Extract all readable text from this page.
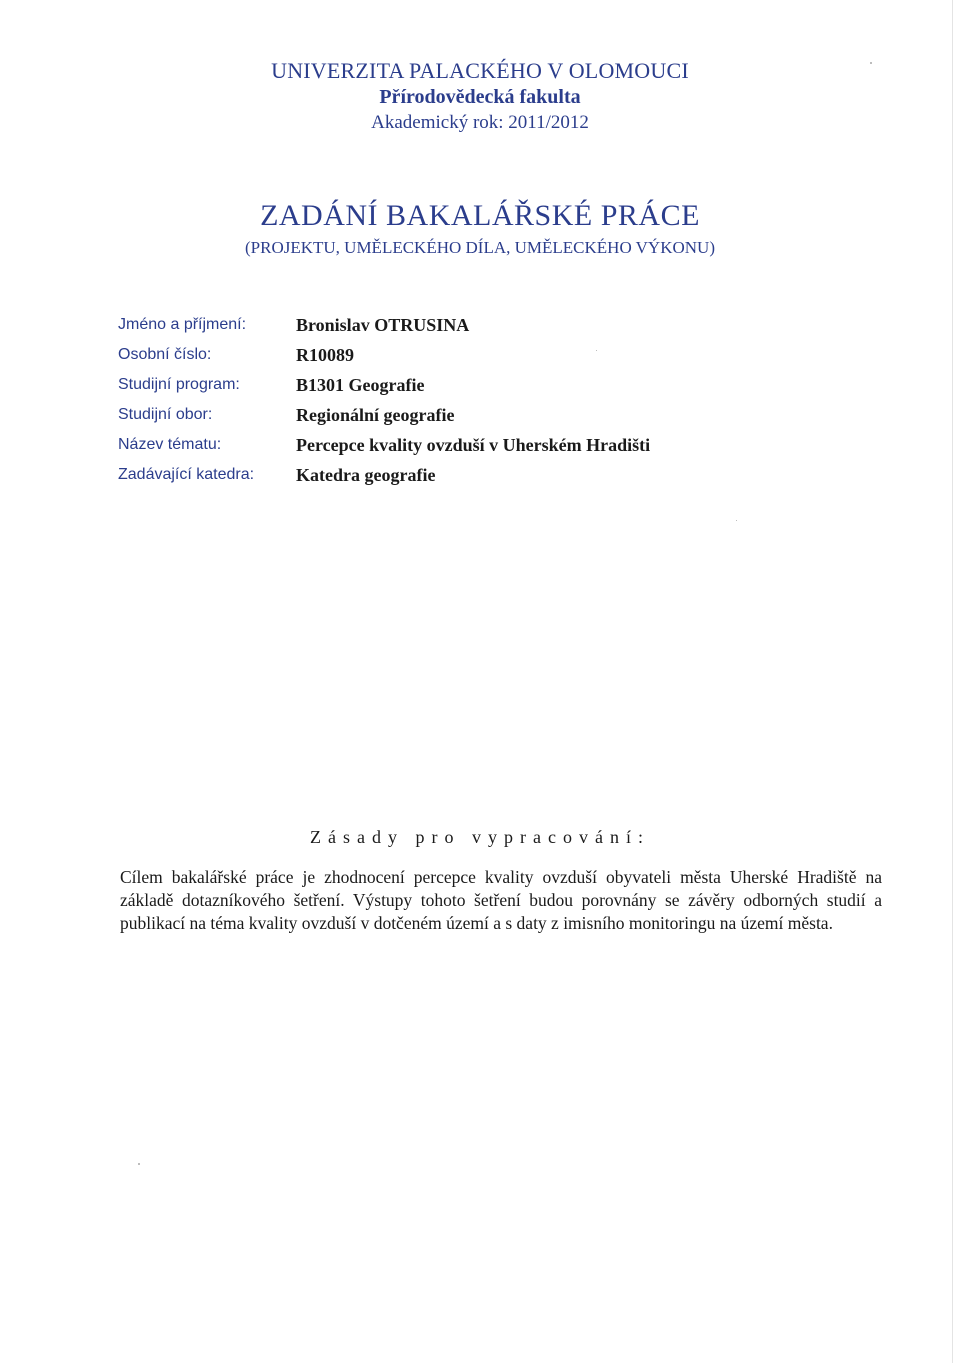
UNIVERZITA PALACKÉHO V OLOMOUCI
Přírodovědecká fakulta
Akademický rok: 2011/2012
ZADÁNÍ BAKALÁŘSKÉ PRÁCE
(PROJEKTU, UMĚLECKÉHO DÍLA, UMĚLECKÉHO VÝKONU)
Jméno a příjmení:	Bronislav OTRUSINA
Osobní číslo:	R10089
Studijní program:	B1301 Geografie
Studijní obor:	Regionální geografie
Název tématu:	Percepce kvality ovzduší v Uherském Hradišti
Zadávající katedra:	Katedra geografie
Zásady pro vypracování:
Cílem bakalářské práce je zhodnocení percepce kvality ovzduší obyvateli města Uherské Hradiště na základě dotazníkového šetření. Výstupy tohoto šetření budou porovnány se závěry odborných studií a publikací na téma kvality ovzduší v dotčeném území a s daty z imisního monitoringu na území města.
